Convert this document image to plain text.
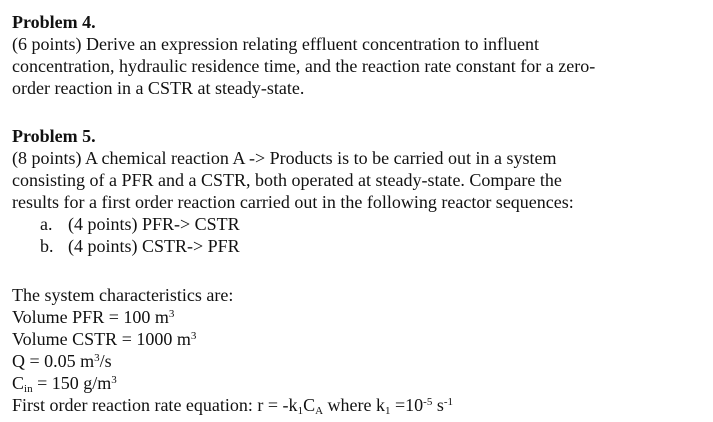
Problem 4.
(6 points) Derive an expression relating effluent concentration to influent
concentration, hydraulic residence time, and the reaction rate constant for a zero-
order reaction in a CSTR at steady-state.
Problem 5.
(8 points) A chemical reaction A -> Products is to be carried out in a system
consisting of a PFR and a CSTR, both operated at steady-state. Compare the
results for a first order reaction carried out in the following reactor sequences:
a. (4 points) PFR-> CSTR
b. (4 points) CSTR-> PFR
The system characteristics are:
Volume PFR = 100 $m^3$
Volume CSTR = 1000 $m^3$
Q = 0.05 $m^3/s$
$C_{in} = 150$ $g/m^3$
First order reaction rate equation: $r = -k_1C_A$ where $k_1 =10^{-5}$ $s^{-1}$
